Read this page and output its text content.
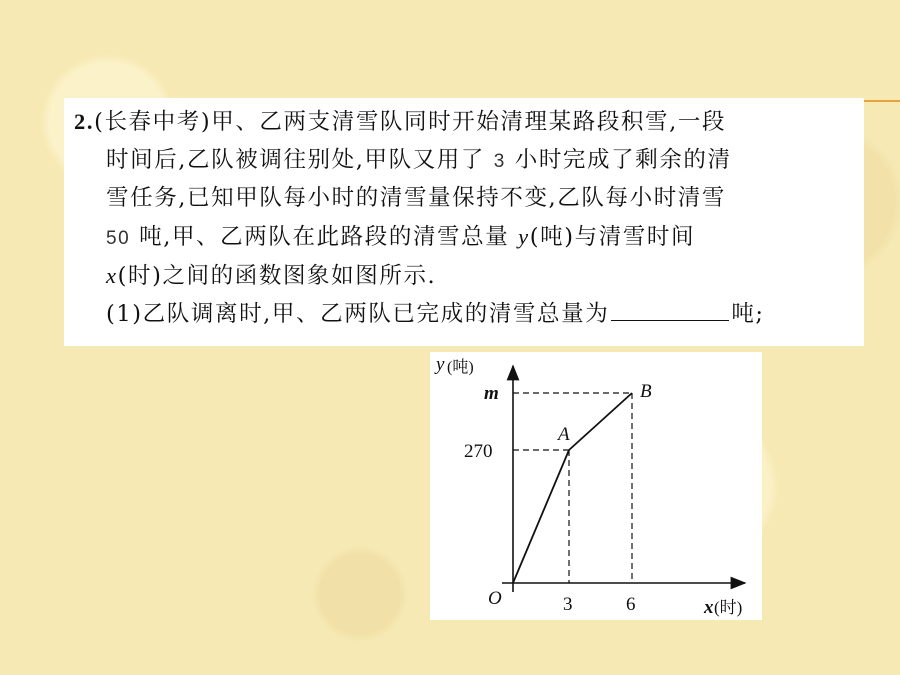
2.(长春中考)甲、乙两支清雪队同时开始清理某路段积雪,一段
时间后,乙队被调往别处,甲队又用了 3 小时完成了剩余的清
雪任务,已知甲队每小时的清雪量保持不变,乙队每小时清雪
50 吨,甲、乙两队在此路段的清雪总量 y(吨)与清雪时间
x(时)之间的函数图象如图所示.
(1)乙队调离时,甲、乙两队已完成的清雪总量为	吨;
y (吨)
x (时)
O
m
270
3	6
A
B
